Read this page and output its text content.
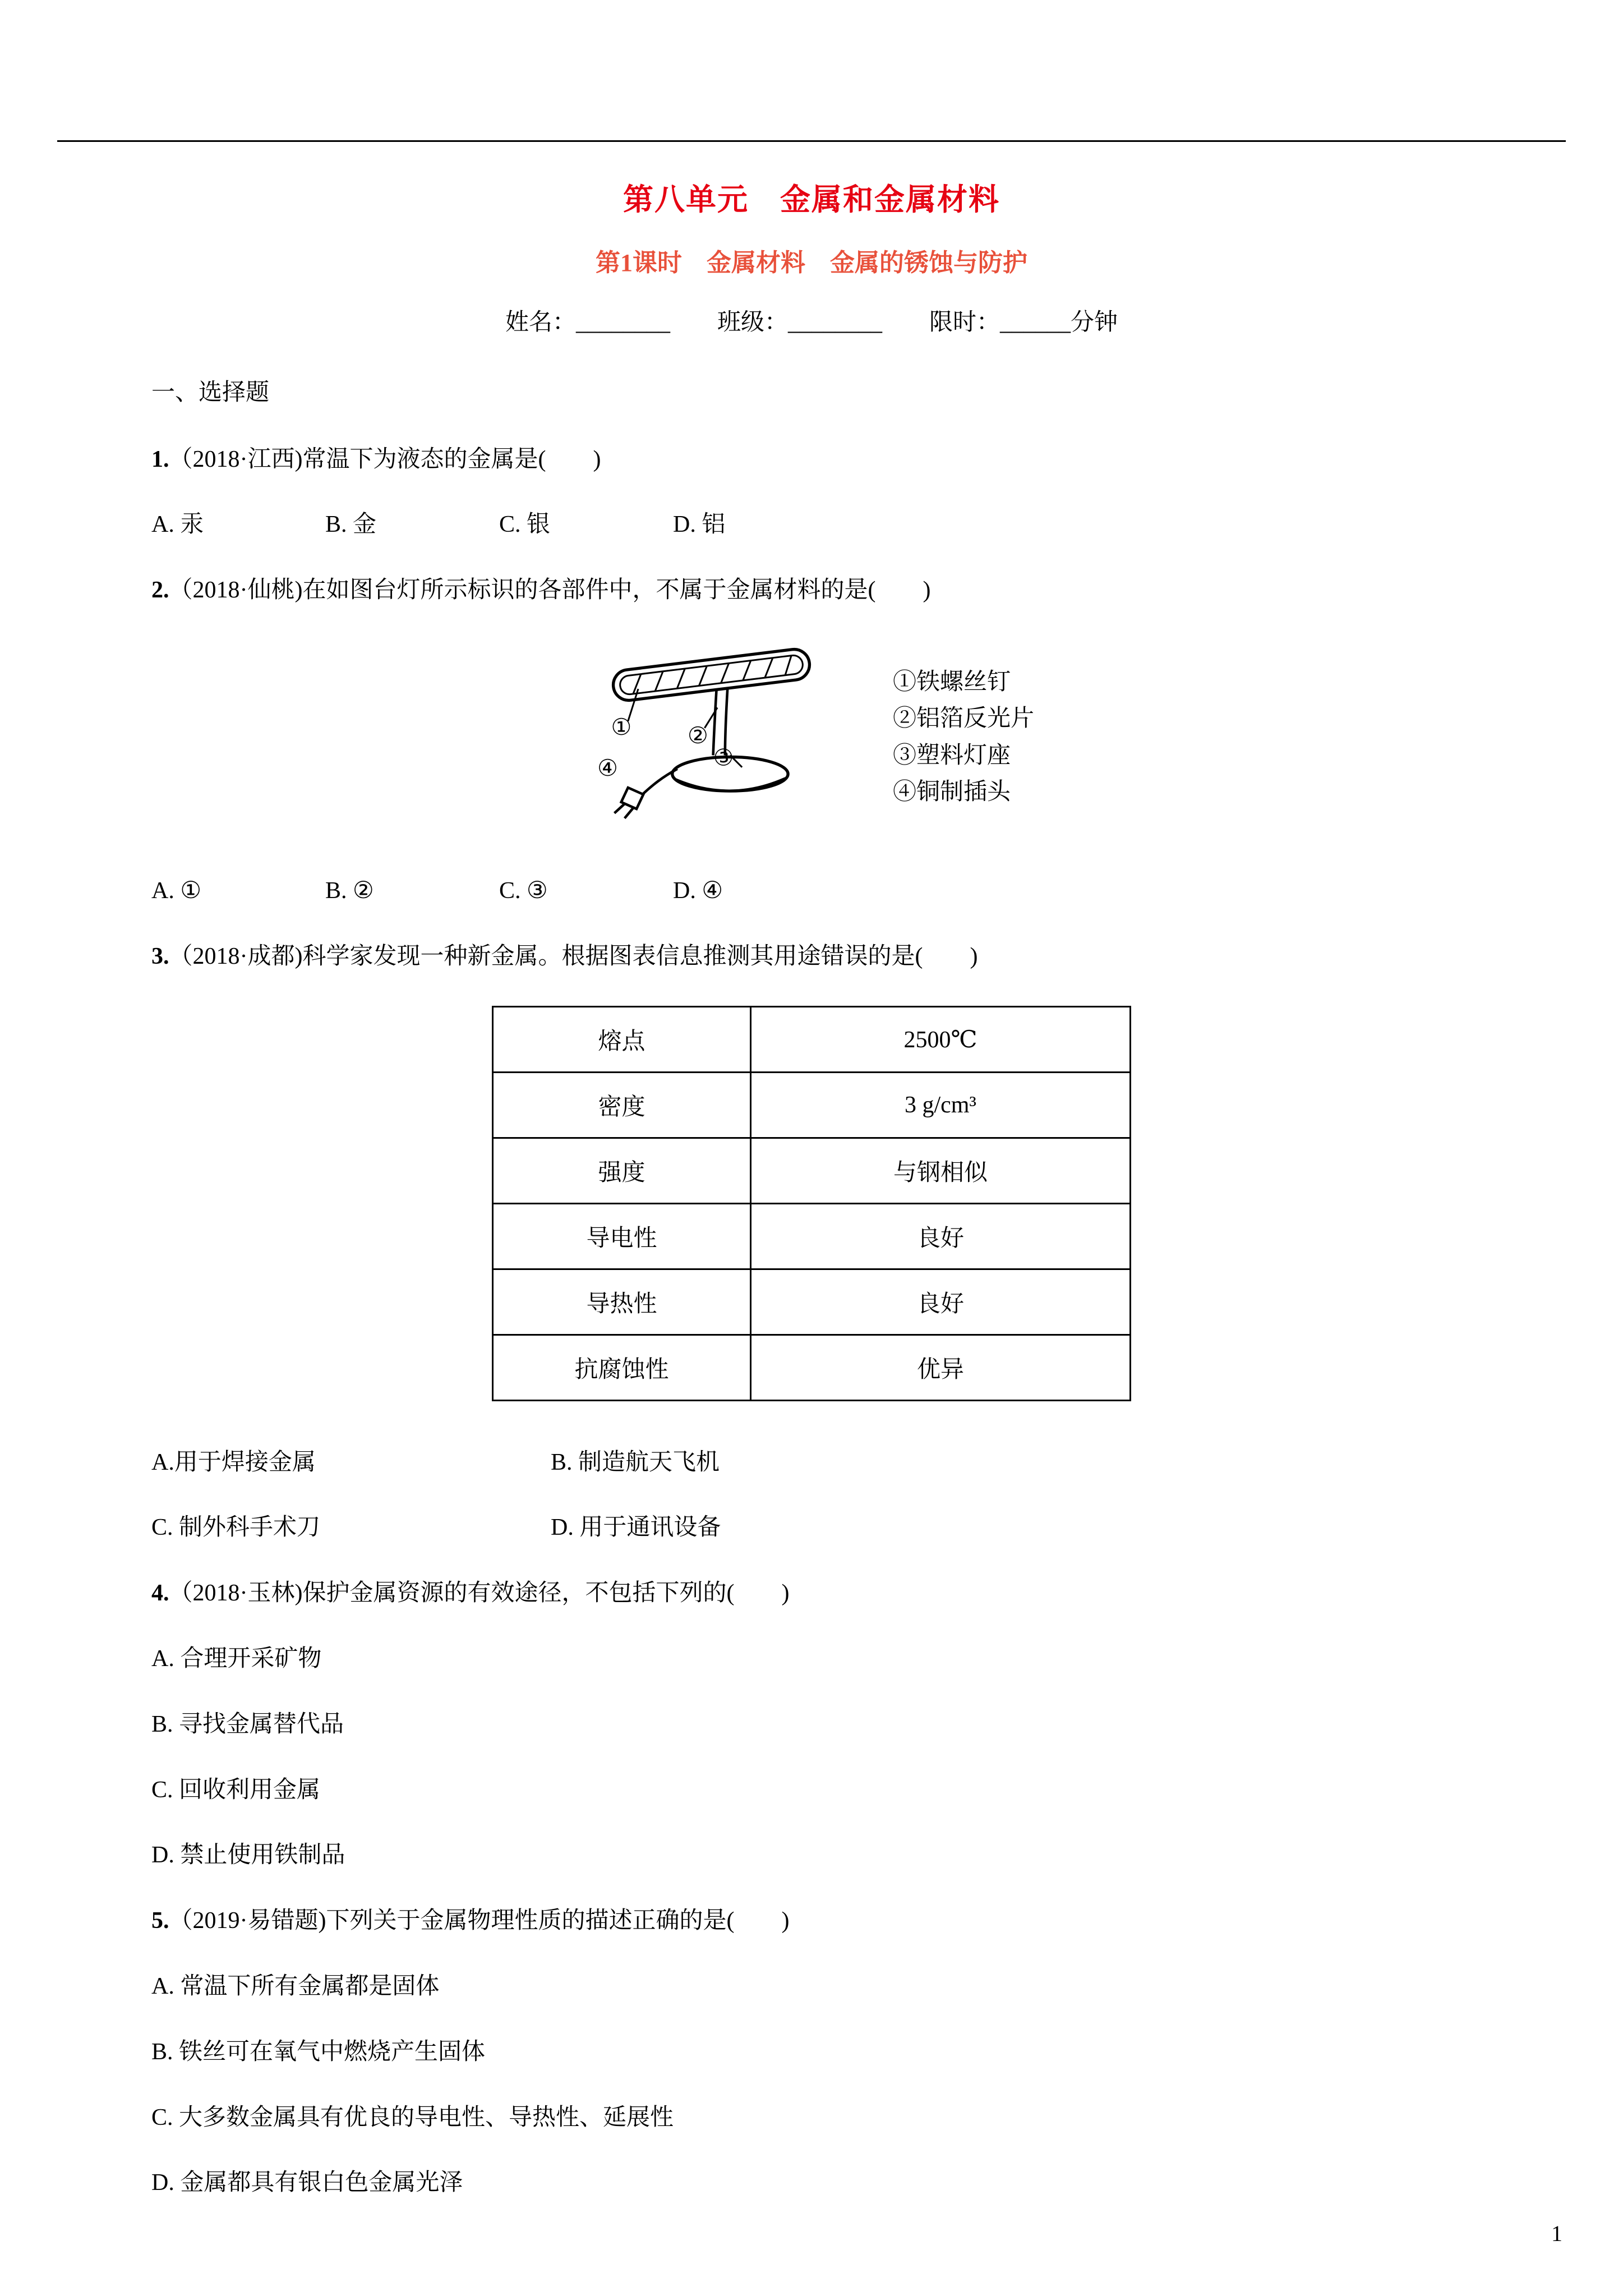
第八单元　金属和金属材料
第1课时　金属材料　金属的锈蚀与防护

姓名：________　　班级：________　　限时：______分钟

一、选择题

1.（2018·江西)常温下为液态的金属是(　　)

A. 汞	B. 金	C. 银	D. 铝

2.（2018·仙桃)在如图台灯所示标识的各部件中，不属于金属材料的是(　　)

①	②
③
④

①铁螺丝钉

②铝箔反光片

③塑料灯座

④铜制插头

A. ①	B. ②	C. ③	D. ④

3.（2018·成都)科学家发现一种新金属。根据图表信息推测其用途错误的是(　　)

熔点	2500℃
密度	3 g/cm³
强度	与钢相似
导电性	良好
导热性	良好
抗腐蚀性	优异

A.用于焊接金属	B. 制造航天飞机

C. 制外科手术刀	D. 用于通讯设备

4.（2018·玉林)保护金属资源的有效途径，不包括下列的(　　)

A. 合理开采矿物

B. 寻找金属替代品

C. 回收利用金属

D. 禁止使用铁制品

5.（2019·易错题)下列关于金属物理性质的描述正确的是(　　)

A. 常温下所有金属都是固体

B. 铁丝可在氧气中燃烧产生固体

C. 大多数金属具有优良的导电性、导热性、延展性

D. 金属都具有银白色金属光泽

1
